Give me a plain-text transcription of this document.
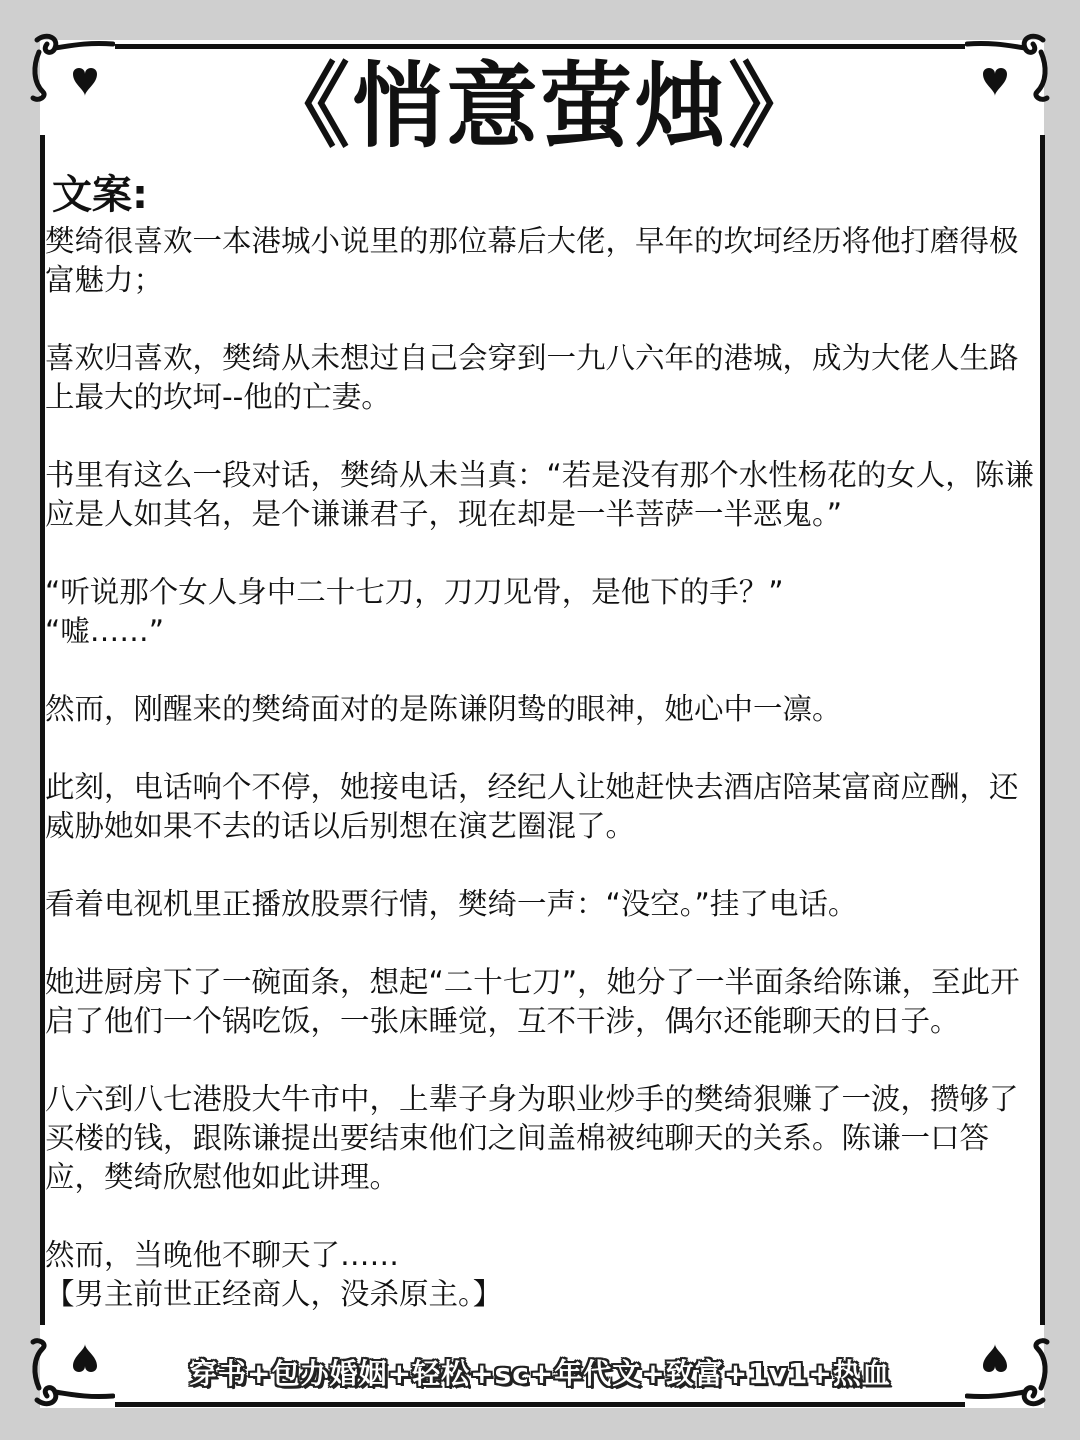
《悄意萤烛》
文案:

樊绮很喜欢一本港城小说里的那位幕后大佬，早年的坎坷经历将他打磨得极富魅力；

喜欢归喜欢，樊绮从未想过自己会穿到一九八六年的港城，成为大佬人生路上最大的坎坷--他的亡妻。

书里有这么一段对话，樊绮从未当真：“若是没有那个水性杨花的女人，陈谦应是人如其名，是个谦谦君子，现在却是一半菩萨一半恶鬼。”

“听说那个女人身中二十七刀，刀刀见骨，是他下的手？”

“嘘……”

然而，刚醒来的樊绮面对的是陈谦阴鸷的眼神，她心中一凛。

此刻，电话响个不停，她接电话，经纪人让她赶快去酒店陪某富商应酬，还威胁她如果不去的话以后别想在演艺圈混了。

看着电视机里正播放股票行情，樊绮一声：“没空。”挂了电话。

她进厨房下了一碗面条，想起“二十七刀”，她分了一半面条给陈谦，至此开启了他们一个锅吃饭，一张床睡觉，互不干涉，偶尔还能聊天的日子。

八六到八七港股大牛市中，上辈子身为职业炒手的樊绮狠赚了一波，攒够了买楼的钱，跟陈谦提出要结束他们之间盖棉被纯聊天的关系。陈谦一口答应，樊绮欣慰他如此讲理。

然而，当晚他不聊天了……

【男主前世正经商人，没杀原主。】

穿书+包办婚姻+轻松+sc+年代文+致富+1v1+热血
